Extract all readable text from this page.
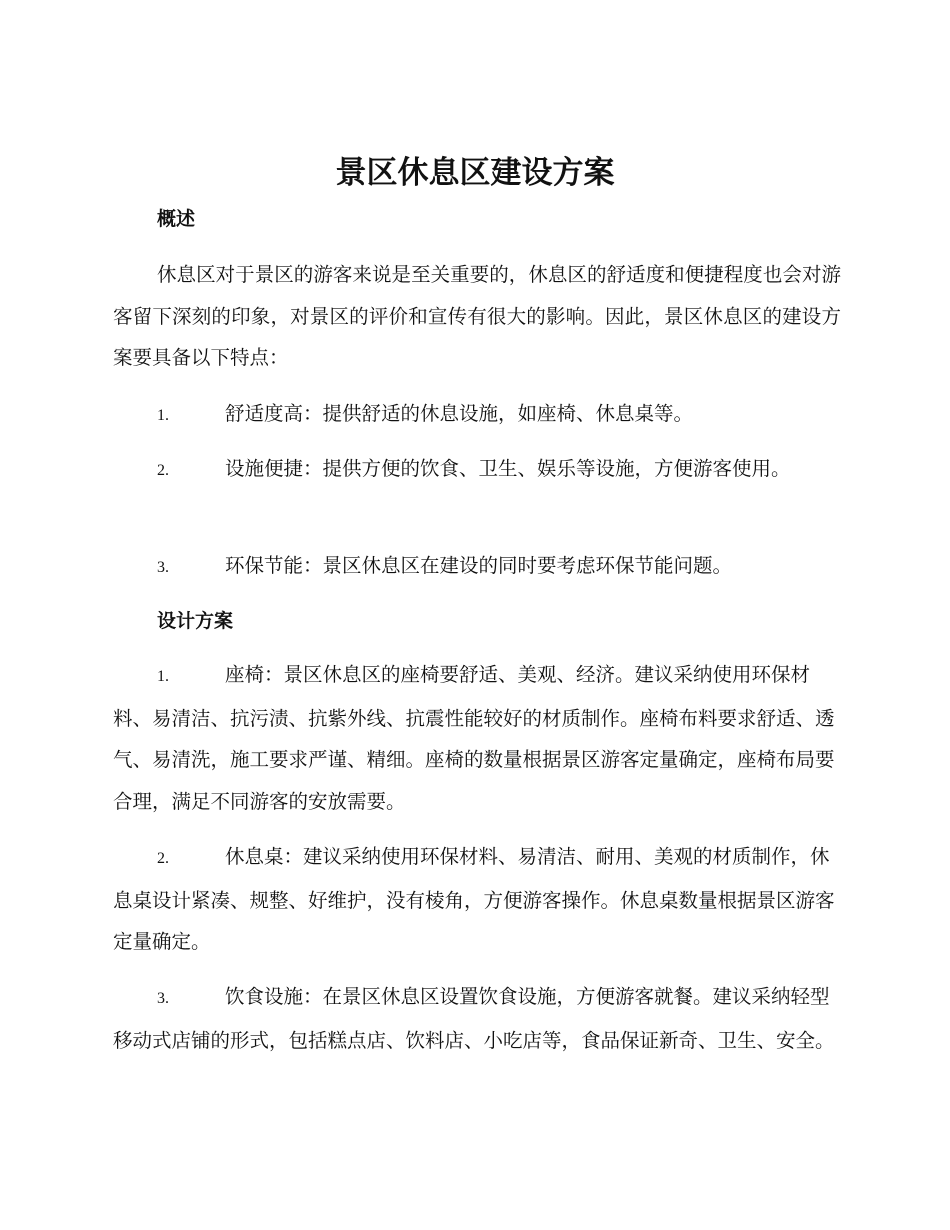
景区休息区建设方案
概述

休息区对于景区的游客来说是至关重要的，休息区的舒适度和便捷程度也会对游客留下深刻的印象，对景区的评价和宣传有很大的影响。因此，景区休息区的建设方案要具备以下特点：

1.	舒适度高：提供舒适的休息设施，如座椅、休息桌等。

2.	设施便捷：提供方便的饮食、卫生、娱乐等设施，方便游客使用。

3.	环保节能：景区休息区在建设的同时要考虑环保节能问题。

设计方案

1.	座椅：景区休息区的座椅要舒适、美观、经济。建议采纳使用环保材料、易清洁、抗污渍、抗紫外线、抗震性能较好的材质制作。座椅布料要求舒适、透气、易清洗，施工要求严谨、精细。座椅的数量根据景区游客定量确定，座椅布局要合理，满足不同游客的安放需要。

2.	休息桌：建议采纳使用环保材料、易清洁、耐用、美观的材质制作，休息桌设计紧凑、规整、好维护，没有棱角，方便游客操作。休息桌数量根据景区游客定量确定。

3.	饮食设施：在景区休息区设置饮食设施，方便游客就餐。建议采纳轻型移动式店铺的形式，包括糕点店、饮料店、小吃店等，食品保证新奇、卫生、安全。
